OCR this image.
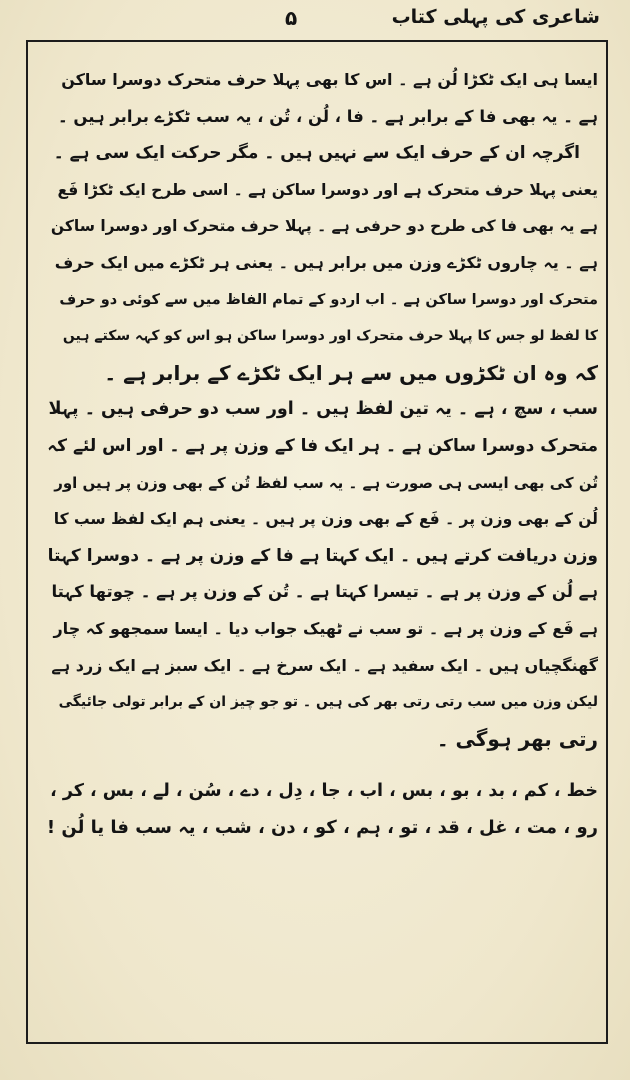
شاعری کی پہلی کتاب
۵
ایسا ہی ایک ٹکڑا لُن ہے ۔ اس کا بھی پہلا حرف متحرک دوسرا ساکن
ہے ۔ یہ بھی فا کے برابر ہے ۔ فا ، لُن ، تُن ، یہ سب ٹکڑے برابر ہیں ۔
اگرچہ ان کے حرف ایک سے نہیں ہیں ۔ مگر حرکت ایک سی ہے ۔
یعنی پہلا حرف متحرک ہے اور دوسرا ساکن ہے ۔ اسی طرح ایک ٹکڑا فَع
ہے یہ بھی فا کی طرح دو حرفی ہے ۔ پہلا حرف متحرک اور دوسرا ساکن
ہے ۔ یہ چاروں ٹکڑے وزن میں برابر ہیں ۔ یعنی ہر ٹکڑے میں ایک حرف
متحرک اور دوسرا ساکن ہے ۔ اب اردو کے تمام الفاظ میں سے کوئی دو حرف
کا لفظ لو جس کا پہلا حرف متحرک اور دوسرا ساکن ہو اس کو کہہ سکتے ہیں
کہ وہ ان ٹکڑوں میں سے ہر ایک ٹکڑے کے برابر ہے ۔
سب ، سچ ، ہے ۔ یہ تین لفظ ہیں ۔ اور سب دو حرفی ہیں ۔ پہلا
متحرک دوسرا ساکن ہے ۔ ہر ایک فا کے وزن پر ہے ۔ اور اس لئے کہ
تُن کی بھی ایسی ہی صورت ہے ۔ یہ سب لفظ تُن کے بھی وزن پر ہیں اور
لُن کے بھی وزن پر ۔ فَع کے بھی وزن پر ہیں ۔ یعنی ہم ایک لفظ سب کا
وزن دریافت کرتے ہیں ۔ ایک کہتا ہے فا کے وزن پر ہے ۔ دوسرا کہتا
ہے لُن کے وزن پر ہے ۔ تیسرا کہتا ہے ۔ تُن کے وزن پر ہے ۔ چوتھا کہتا
ہے فَع کے وزن پر ہے ۔ تو سب نے ٹھیک جواب دیا ۔ ایسا سمجھو کہ چار
گھنگچیاں ہیں ۔ ایک سفید ہے ۔ ایک سرخ ہے ۔ ایک سبز ہے ایک زرد ہے
لیکن وزن میں سب رتی رتی بھر کی ہیں ۔ تو جو چیز ان کے برابر تولی جائیگی
رتی بھر ہوگی ۔
خط ، کم ، بد ، بو ، بس ، اب ، جا ، دِل ، دے ، سُن ، لے ، بس ، کر ،
رو ، مت ، غل ، قد ، تو ، ہم ، کو ، دن ، شب ، یہ سب فا یا لُن !
